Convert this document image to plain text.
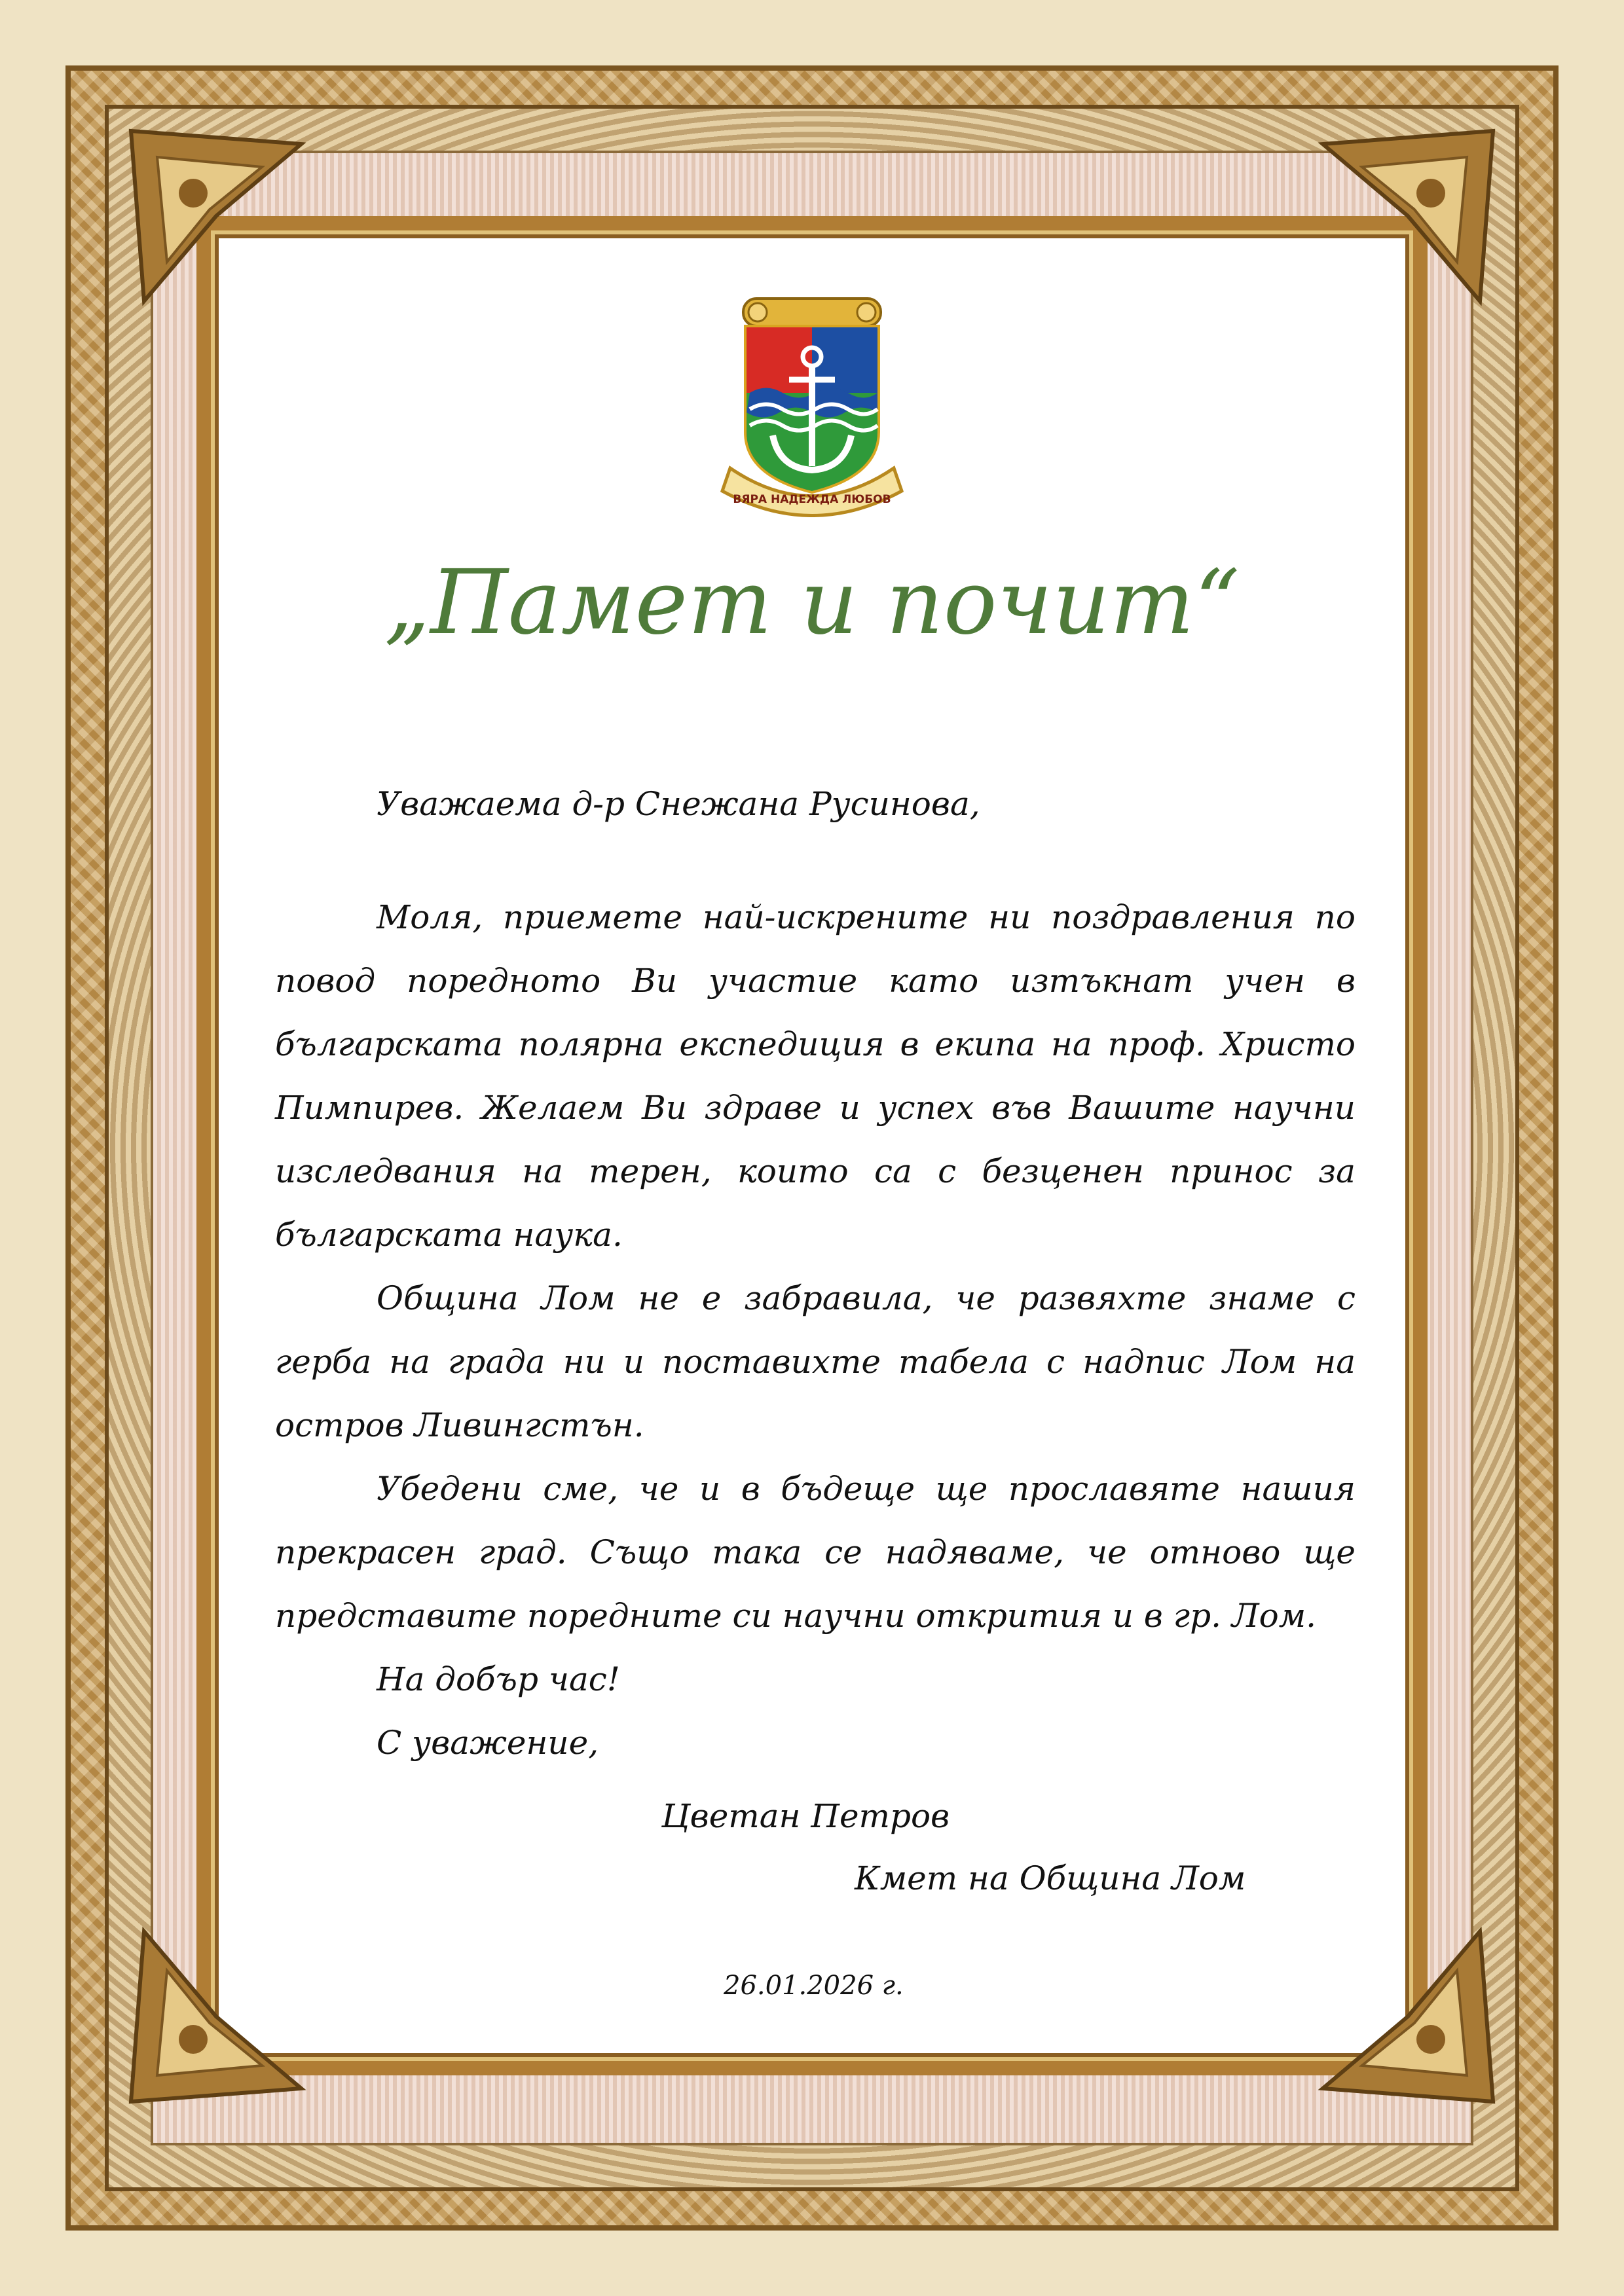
ВЯРА НАДЕЖДА ЛЮБОВ
„Памет и почит“

Уважаема д-р Снежана Русинова,

Моля, приемете най-искрените ни поздравления по повод поредното Ви участие като изтъкнат учен в българската полярна експедиция в екипа на проф. Христо Пимпирев. Желаем Ви здраве и успех във Вашите научни изследвания на терен, които са с безценен принос за българската наука.

Община Лом не е забравила, че развяхте знаме с герба на града ни и поставихте табела с надпис Лом на остров Ливингстън.

Убедени сме, че и в бъдеще ще прославяте нашия прекрасен град. Също така се надяваме, че отново ще представите поредните си научни открития и в гр. Лом.

На добър час!

С уважение,

Цветан Петров
Кмет на Община Лом
26.01.2026 г.
